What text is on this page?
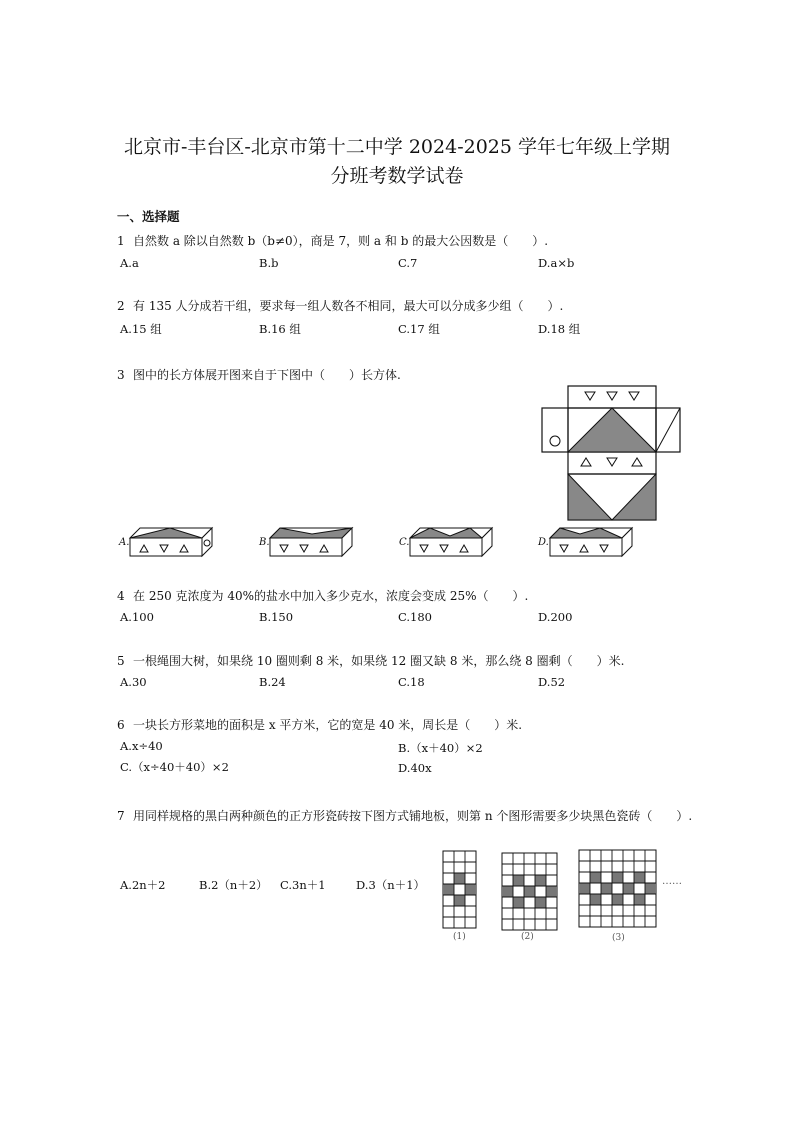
北京市-丰台区-北京市第十二中学 2024-2025 学年七年级上学期
分班考数学试卷
一、选择题
1 自然数 a 除以自然数 b（b≠0），商是 7，则 a 和 b 的最大公因数是（　　）.
A.a	B.b	C.7	D.a×b
2 有 135 人分成若干组，要求每一组人数各不相同，最大可以分成多少组（　　）.
A.15 组	B.16 组	C.17 组	D.18 组
3 图中的长方体展开图来自于下图中（　　）长方体.
A.	B.	C.	D.
4 在 250 克浓度为 40%的盐水中加入多少克水，浓度会变成 25%（　　）.
A.100	B.150	C.180	D.200
5 一根绳围大树，如果绕 10 圈则剩 8 米，如果绕 12 圈又缺 8 米，那么绕 8 圈剩（　　）米.
A.30	B.24	C.18	D.52
6 一块长方形菜地的面积是 x 平方米，它的宽是 40 米，周长是（　　）米.
A.x÷40	B.（x＋40）×2
C.（x÷40＋40）×2	D.40x
7 用同样规格的黑白两种颜色的正方形瓷砖按下图方式铺地板，则第 n 个图形需要多少块黑色瓷砖（　　）.
A.2n＋2	B.2（n＋2） C.3n＋1	D.3（n＋1）
(1)	(2)	(3)
……
